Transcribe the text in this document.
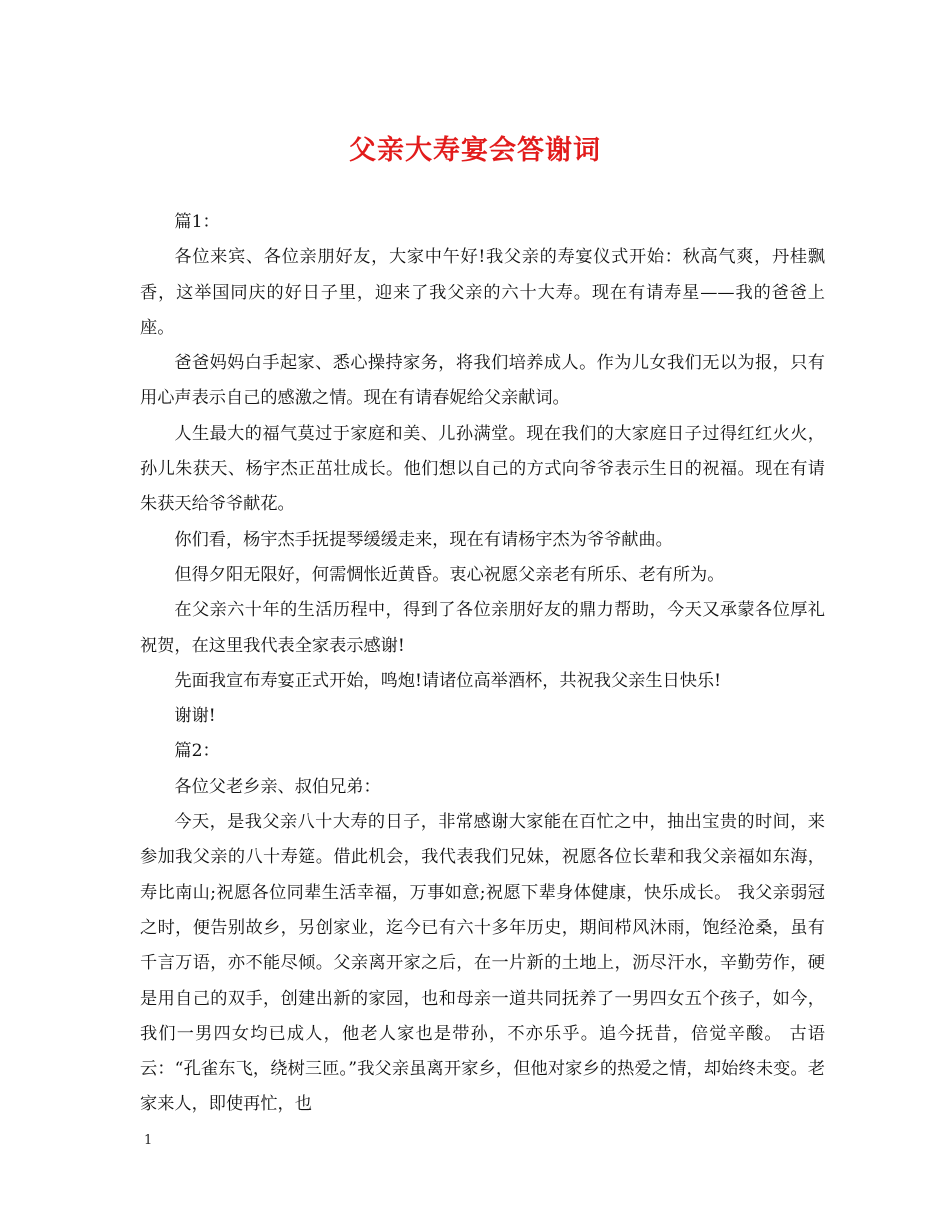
父亲大寿宴会答谢词

篇1：

各位来宾、各位亲朋好友，大家中午好!我父亲的寿宴仪式开始：秋高气爽，丹桂飘香，这举国同庆的好日子里，迎来了我父亲的六十大寿。现在有请寿星——我的爸爸上座。

爸爸妈妈白手起家、悉心操持家务，将我们培养成人。作为儿女我们无以为报，只有用心声表示自己的感激之情。现在有请春妮给父亲献词。

人生最大的福气莫过于家庭和美、儿孙满堂。现在我们的大家庭日子过得红红火火，孙儿朱获天、杨宇杰正茁壮成长。他们想以自己的方式向爷爷表示生日的祝福。现在有请朱获天给爷爷献花。

你们看，杨宇杰手抚提琴缓缓走来，现在有请杨宇杰为爷爷献曲。

但得夕阳无限好，何需惆怅近黄昏。衷心祝愿父亲老有所乐、老有所为。

在父亲六十年的生活历程中，得到了各位亲朋好友的鼎力帮助，今天又承蒙各位厚礼祝贺，在这里我代表全家表示感谢!

先面我宣布寿宴正式开始，鸣炮!请诸位高举酒杯，共祝我父亲生日快乐!

谢谢!

篇2：

各位父老乡亲、叔伯兄弟：

今天，是我父亲八十大寿的日子，非常感谢大家能在百忙之中，抽出宝贵的时间，来参加我父亲的八十寿筵。借此机会，我代表我们兄妹，祝愿各位长辈和我父亲福如东海，寿比南山;祝愿各位同辈生活幸福，万事如意;祝愿下辈身体健康，快乐成长。 我父亲弱冠之时，便告别故乡，另创家业，迄今已有六十多年历史，期间栉风沐雨，饱经沧桑，虽有千言万语，亦不能尽倾。父亲离开家之后，在一片新的土地上，沥尽汗水，辛勤劳作，硬是用自己的双手，创建出新的家园，也和母亲一道共同抚养了一男四女五个孩子，如今，我们一男四女均已成人，他老人家也是带孙，不亦乐乎。追今抚昔，倍觉辛酸。 古语云：“孔雀东飞，绕树三匝。”我父亲虽离开家乡，但他对家乡的热爱之情，却始终未变。老家来人，即使再忙，也

1
